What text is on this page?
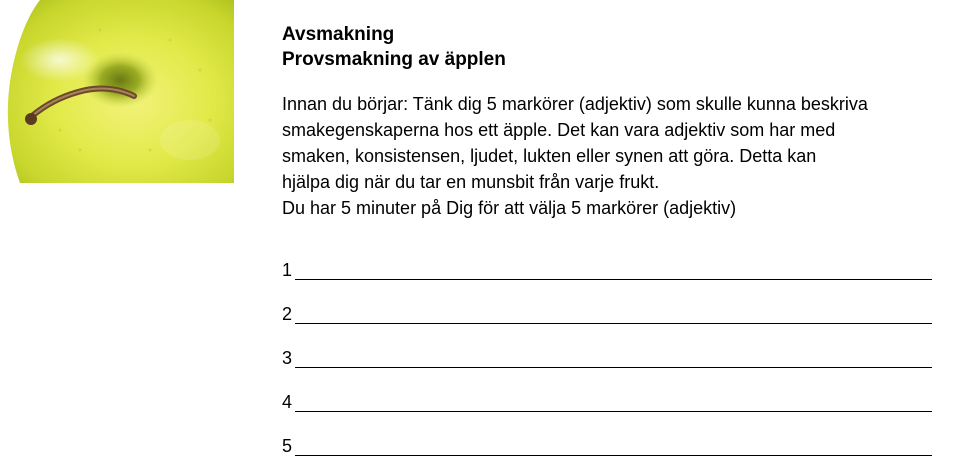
Avsmakning
Provsmakning av äpplen
Innan du börjar: Tänk dig 5 markörer (adjektiv) som skulle kunna beskriva
smakegenskaperna hos ett äpple. Det kan vara adjektiv som har med
smaken, konsistensen, ljudet, lukten eller synen att göra. Detta kan
hjälpa dig när du tar en munsbit från varje frukt.
Du har 5 minuter på Dig för att välja 5 markörer (adjektiv)
1
2
3
4
5
